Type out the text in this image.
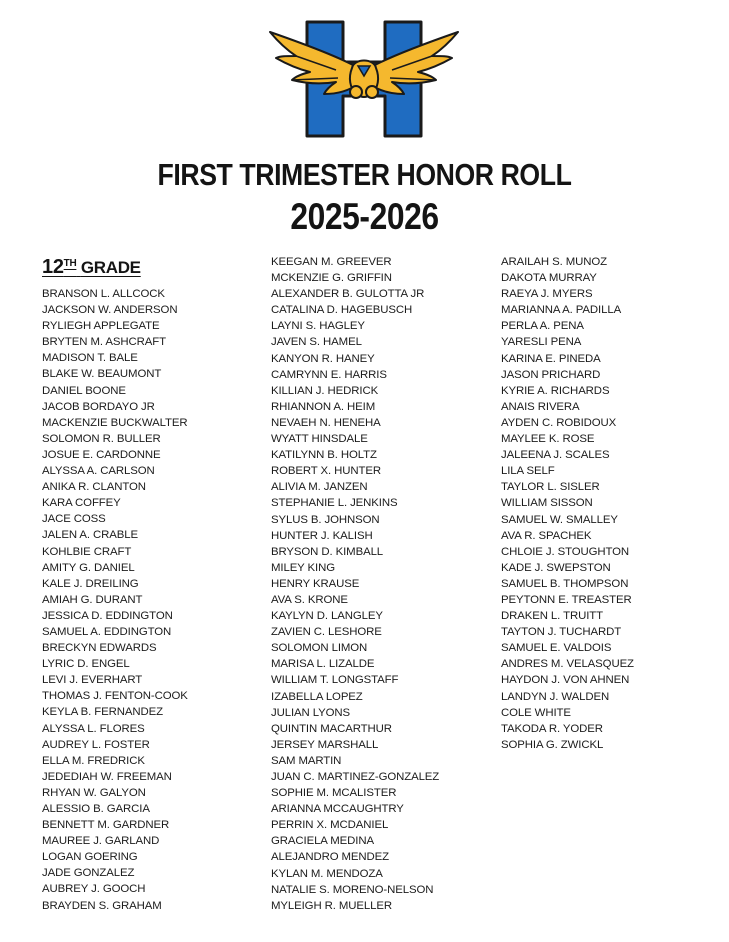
FIRST TRIMESTER HONOR ROLL
2025-2026
12TH GRADE
BRANSON L. ALLCOCK
JACKSON W. ANDERSON
RYLIEGH APPLEGATE
BRYTEN M. ASHCRAFT
MADISON T. BALE
BLAKE W. BEAUMONT
DANIEL BOONE
JACOB BORDAYO JR
MACKENZIE BUCKWALTER
SOLOMON R. BULLER
JOSUE E. CARDONNE
ALYSSA A. CARLSON
ANIKA R. CLANTON
KARA COFFEY
JACE COSS
JALEN A. CRABLE
KOHLBIE CRAFT
AMITY G. DANIEL
KALE J. DREILING
AMIAH G. DURANT
JESSICA D. EDDINGTON
SAMUEL A. EDDINGTON
BRECKYN EDWARDS
LYRIC D. ENGEL
LEVI J. EVERHART
THOMAS J. FENTON-COOK
KEYLA B. FERNANDEZ
ALYSSA L. FLORES
AUDREY L. FOSTER
ELLA M. FREDRICK
JEDEDIAH W. FREEMAN
RHYAN W. GALYON
ALESSIO B. GARCIA
BENNETT M. GARDNER
MAUREE J. GARLAND
LOGAN GOERING
JADE GONZALEZ
AUBREY J. GOOCH
BRAYDEN S. GRAHAM
KEEGAN M. GREEVER
MCKENZIE G. GRIFFIN
ALEXANDER B. GULOTTA JR
CATALINA D. HAGEBUSCH
LAYNI S. HAGLEY
JAVEN S. HAMEL
KANYON R. HANEY
CAMRYNN E. HARRIS
KILLIAN J. HEDRICK
RHIANNON A. HEIM
NEVAEH N. HENEHA
WYATT HINSDALE
KATILYNN B. HOLTZ
ROBERT X. HUNTER
ALIVIA M. JANZEN
STEPHANIE L. JENKINS
SYLUS B. JOHNSON
HUNTER J. KALISH
BRYSON D. KIMBALL
MILEY KING
HENRY KRAUSE
AVA S. KRONE
KAYLYN D. LANGLEY
ZAVIEN C. LESHORE
SOLOMON LIMON
MARISA L. LIZALDE
WILLIAM T. LONGSTAFF
IZABELLA LOPEZ
JULIAN LYONS
QUINTIN MACARTHUR
JERSEY MARSHALL
SAM MARTIN
JUAN C. MARTINEZ-GONZALEZ
SOPHIE M. MCALISTER
ARIANNA MCCAUGHTRY
PERRIN X. MCDANIEL
GRACIELA MEDINA
ALEJANDRO MENDEZ
KYLAN M. MENDOZA
NATALIE S. MORENO-NELSON
MYLEIGH R. MUELLER
ARAILAH S. MUNOZ
DAKOTA MURRAY
RAEYA J. MYERS
MARIANNA A. PADILLA
PERLA A. PENA
YARESLI PENA
KARINA E. PINEDA
JASON PRICHARD
KYRIE A. RICHARDS
ANAIS RIVERA
AYDEN C. ROBIDOUX
MAYLEE K. ROSE
JALEENA J. SCALES
LILA SELF
TAYLOR L. SISLER
WILLIAM SISSON
SAMUEL W. SMALLEY
AVA R. SPACHEK
CHLOIE J. STOUGHTON
KADE J. SWEPSTON
SAMUEL B. THOMPSON
PEYTONN E. TREASTER
DRAKEN L. TRUITT
TAYTON J. TUCHARDT
SAMUEL E. VALDOIS
ANDRES M. VELASQUEZ
HAYDON J. VON AHNEN
LANDYN J. WALDEN
COLE WHITE
TAKODA R. YODER
SOPHIA G. ZWICKL
